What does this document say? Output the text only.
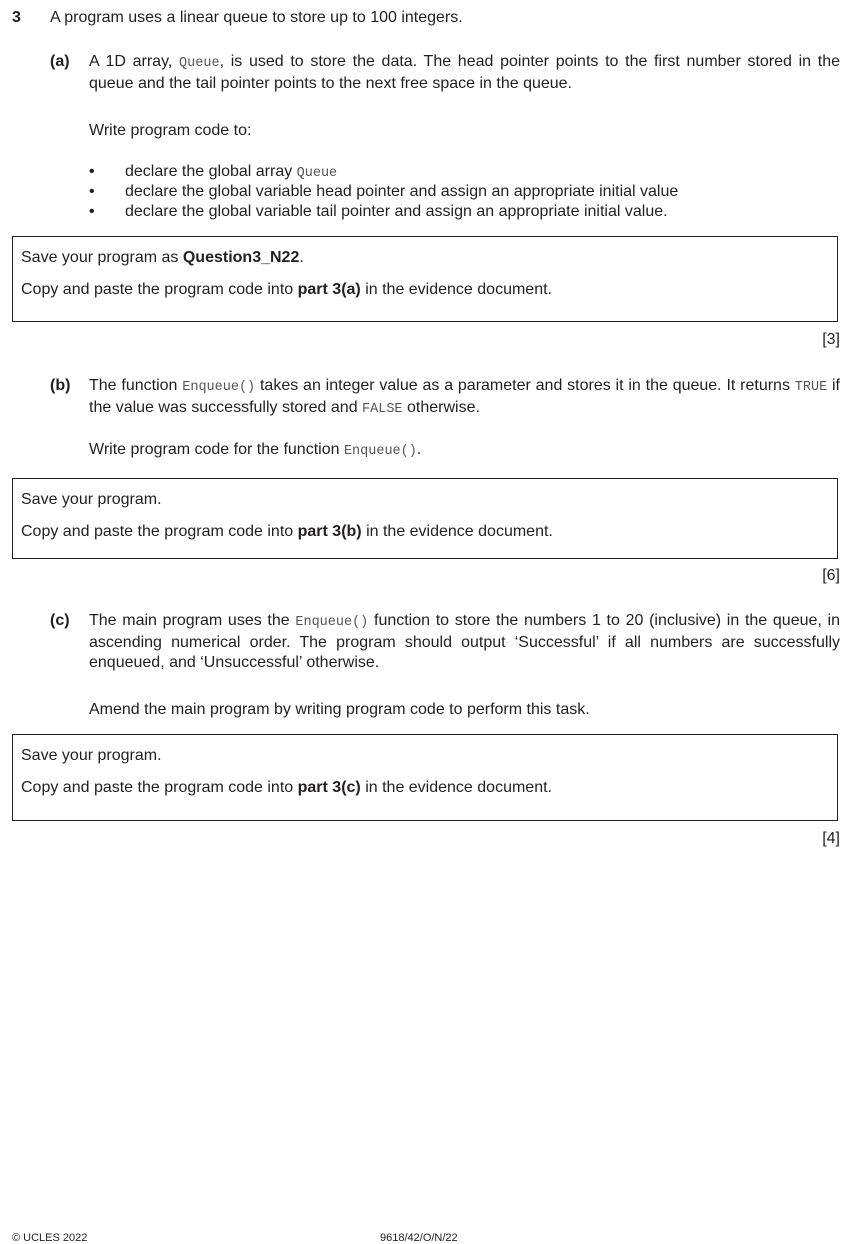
3 A program uses a linear queue to store up to 100 integers.
(a) A 1D array, Queue, is used to store the data. The head pointer points to the first number stored in the queue and the tail pointer points to the next free space in the queue.
Write program code to:
• declare the global array Queue
• declare the global variable head pointer and assign an appropriate initial value
• declare the global variable tail pointer and assign an appropriate initial value.
Save your program as Question3_N22.
Copy and paste the program code into part 3(a) in the evidence document.
[3]
(b) The function Enqueue() takes an integer value as a parameter and stores it in the queue. It returns TRUE if the value was successfully stored and FALSE otherwise.
Write program code for the function Enqueue().
Save your program.
Copy and paste the program code into part 3(b) in the evidence document.
[6]
(c) The main program uses the Enqueue() function to store the numbers 1 to 20 (inclusive) in the queue, in ascending numerical order. The program should output ‘Successful’ if all numbers are successfully enqueued, and ‘Unsuccessful’ otherwise.
Amend the main program by writing program code to perform this task.
Save your program.
Copy and paste the program code into part 3(c) in the evidence document.
[4]
© UCLES 2022	9618/42/O/N/22
